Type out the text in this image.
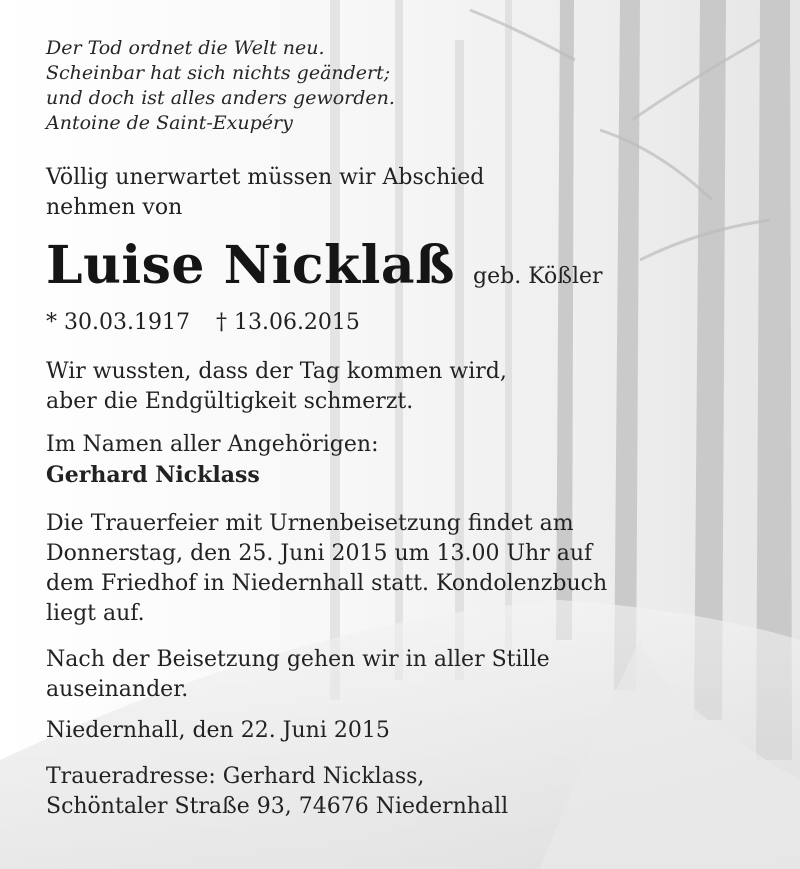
Der Tod ordnet die Welt neu.
Scheinbar hat sich nichts geändert;
und doch ist alles anders geworden.
Antoine de Saint-Exupéry
Völlig unerwartet müssen wir Abschied
nehmen von
Luise Nicklaß geb. Kößler
* 30.03.1917 † 13.06.2015
Wir wussten, dass der Tag kommen wird,
aber die Endgültigkeit schmerzt.
Im Namen aller Angehörigen:
Gerhard Nicklass
Die Trauerfeier mit Urnenbeisetzung findet am
Donnerstag, den 25. Juni 2015 um 13.00 Uhr auf
dem Friedhof in Niedernhall statt. Kondolenzbuch
liegt auf.
Nach der Beisetzung gehen wir in aller Stille
auseinander.
Niedernhall, den 22. Juni 2015
Traueradresse: Gerhard Nicklass,
Schöntaler Straße 93, 74676 Niedernhall
